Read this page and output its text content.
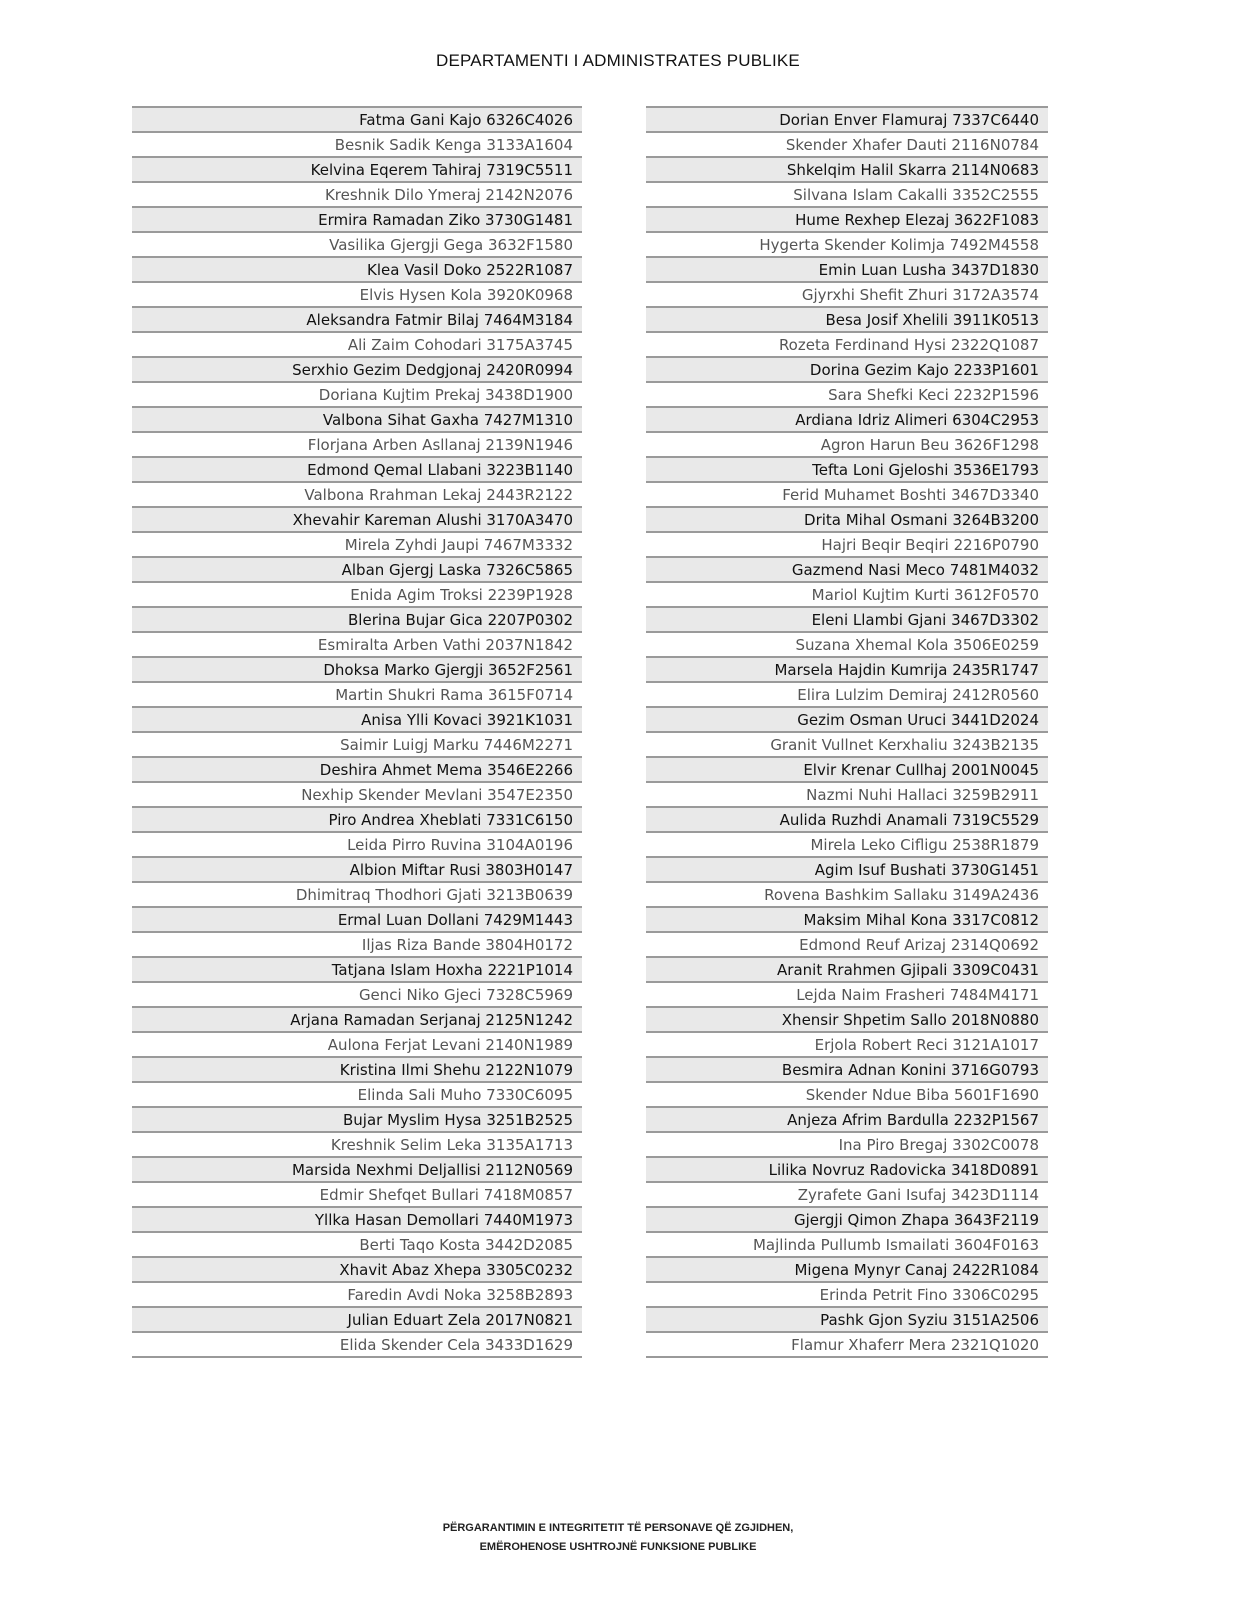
DEPARTAMENTI I ADMINISTRATES PUBLIKE
Fatma Gani Kajo 6326C4026
Besnik Sadik Kenga 3133A1604
Kelvina Eqerem Tahiraj 7319C5511
Kreshnik Dilo Ymeraj 2142N2076
Ermira Ramadan Ziko 3730G1481
Vasilika Gjergji Gega 3632F1580
Klea Vasil Doko 2522R1087
Elvis Hysen Kola 3920K0968
Aleksandra Fatmir Bilaj 7464M3184
Ali Zaim Cohodari 3175A3745
Serxhio Gezim Dedgjonaj 2420R0994
Doriana Kujtim Prekaj 3438D1900
Valbona Sihat Gaxha 7427M1310
Florjana Arben Asllanaj 2139N1946
Edmond Qemal Llabani 3223B1140
Valbona Rrahman Lekaj 2443R2122
Xhevahir Kareman Alushi 3170A3470
Mirela Zyhdi Jaupi 7467M3332
Alban Gjergj Laska 7326C5865
Enida Agim Troksi 2239P1928
Blerina Bujar Gica 2207P0302
Esmiralta Arben Vathi 2037N1842
Dhoksa Marko Gjergji 3652F2561
Martin Shukri Rama 3615F0714
Anisa Ylli Kovaci 3921K1031
Saimir Luigj Marku 7446M2271
Deshira Ahmet Mema 3546E2266
Nexhip Skender Mevlani 3547E2350
Piro Andrea Xheblati 7331C6150
Leida Pirro Ruvina 3104A0196
Albion Miftar Rusi 3803H0147
Dhimitraq Thodhori Gjati 3213B0639
Ermal Luan Dollani 7429M1443
Iljas Riza Bande 3804H0172
Tatjana Islam Hoxha 2221P1014
Genci Niko Gjeci 7328C5969
Arjana Ramadan Serjanaj 2125N1242
Aulona Ferjat Levani 2140N1989
Kristina Ilmi Shehu 2122N1079
Elinda Sali Muho 7330C6095
Bujar Myslim Hysa 3251B2525
Kreshnik Selim Leka 3135A1713
Marsida Nexhmi Deljallisi 2112N0569
Edmir Shefqet Bullari 7418M0857
Yllka Hasan Demollari 7440M1973
Berti Taqo Kosta 3442D2085
Xhavit Abaz Xhepa 3305C0232
Faredin Avdi Noka 3258B2893
Julian Eduart Zela 2017N0821
Elida Skender Cela 3433D1629
Dorian Enver Flamuraj 7337C6440
Skender Xhafer Dauti 2116N0784
Shkelqim Halil Skarra 2114N0683
Silvana Islam Cakalli 3352C2555
Hume Rexhep Elezaj 3622F1083
Hygerta Skender Kolimja 7492M4558
Emin Luan Lusha 3437D1830
Gjyrxhi Shefit Zhuri 3172A3574
Besa Josif Xhelili 3911K0513
Rozeta Ferdinand Hysi 2322Q1087
Dorina Gezim Kajo 2233P1601
Sara Shefki Keci 2232P1596
Ardiana Idriz Alimeri 6304C2953
Agron Harun Beu 3626F1298
Tefta Loni Gjeloshi 3536E1793
Ferid Muhamet Boshti 3467D3340
Drita Mihal Osmani 3264B3200
Hajri Beqir Beqiri 2216P0790
Gazmend Nasi Meco 7481M4032
Mariol Kujtim Kurti 3612F0570
Eleni Llambi Gjani 3467D3302
Suzana Xhemal Kola 3506E0259
Marsela Hajdin Kumrija 2435R1747
Elira Lulzim Demiraj 2412R0560
Gezim Osman Uruci 3441D2024
Granit Vullnet Kerxhaliu 3243B2135
Elvir Krenar Cullhaj 2001N0045
Nazmi Nuhi Hallaci 3259B2911
Aulida Ruzhdi Anamali 7319C5529
Mirela Leko Cifligu 2538R1879
Agim Isuf Bushati 3730G1451
Rovena Bashkim Sallaku 3149A2436
Maksim Mihal Kona 3317C0812
Edmond Reuf Arizaj 2314Q0692
Aranit Rrahmen Gjipali 3309C0431
Lejda Naim Frasheri 7484M4171
Xhensir Shpetim Sallo 2018N0880
Erjola Robert Reci 3121A1017
Besmira Adnan Konini 3716G0793
Skender Ndue Biba 5601F1690
Anjeza Afrim Bardulla 2232P1567
Ina Piro Bregaj 3302C0078
Lilika Novruz Radovicka 3418D0891
Zyrafete Gani Isufaj 3423D1114
Gjergji Qimon Zhapa 3643F2119
Majlinda Pullumb Ismailati 3604F0163
Migena Mynyr Canaj 2422R1084
Erinda Petrit Fino 3306C0295
Pashk Gjon Syziu 3151A2506
Flamur Xhaferr Mera 2321Q1020
PËRGARANTIMIN E INTEGRITETIT TË PERSONAVE QË ZGJIDHEN,
EMËROHENOSE USHTROJNË FUNKSIONE PUBLIKE
